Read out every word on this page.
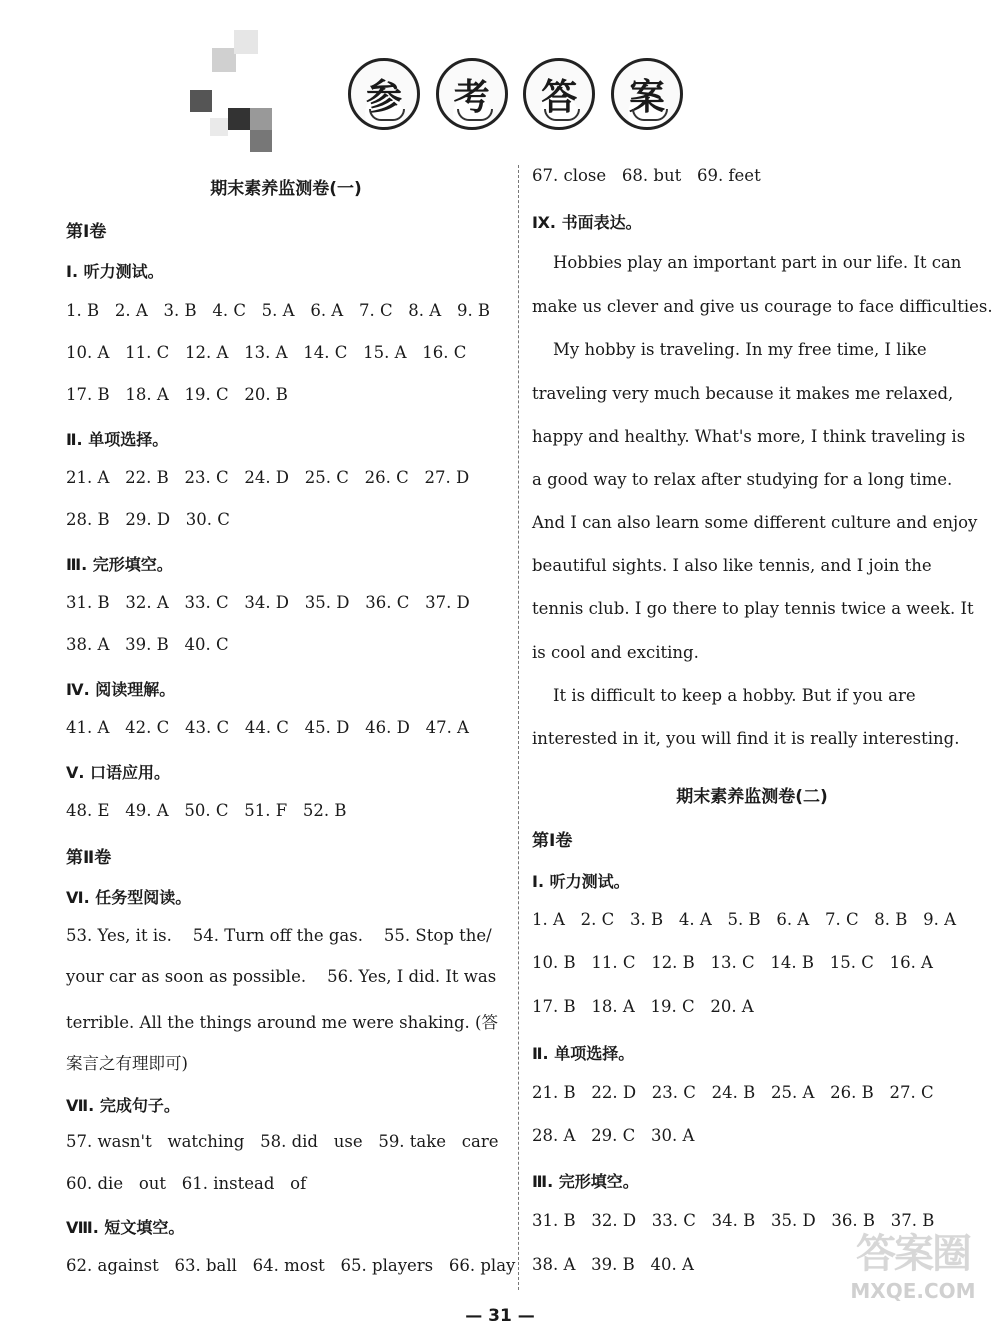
参	考	答	案
期末素养监测卷(一)
第Ⅰ卷
Ⅰ. 听力测试。
1. B   2. A   3. B   4. C   5. A   6. A   7. C   8. A   9. B
10. A   11. C   12. A   13. A   14. C   15. A   16. C
17. B   18. A   19. C   20. B
Ⅱ. 单项选择。
21. A   22. B   23. C   24. D   25. C   26. C   27. D
28. B   29. D   30. C
Ⅲ. 完形填空。
31. B   32. A   33. C   34. D   35. D   36. C   37. D
38. A   39. B   40. C
Ⅳ. 阅读理解。
41. A   42. C   43. C   44. C   45. D   46. D   47. A
Ⅴ. 口语应用。
48. E   49. A   50. C   51. F   52. B
第Ⅱ卷
Ⅵ. 任务型阅读。
53. Yes, it is.    54. Turn off the gas.    55. Stop the/
your car as soon as possible.    56. Yes, I did. It was
terrible. All the things around me were shaking. (答
案言之有理即可)
Ⅶ. 完成句子。
57. wasn't   watching   58. did   use   59. take   care
60. die   out   61. instead   of
Ⅷ. 短文填空。
62. against   63. ball   64. most   65. players   66. play
67. close   68. but   69. feet
Ⅸ. 书面表达。
Hobbies play an important part in our life. It can
make us clever and give us courage to face difficulties.
My hobby is traveling. In my free time, I like
traveling very much because it makes me relaxed,
happy and healthy. What's more, I think traveling is
a good way to relax after studying for a long time.
And I can also learn some different culture and enjoy
beautiful sights. I also like tennis, and I join the
tennis club. I go there to play tennis twice a week. It
is cool and exciting.
It is difficult to keep a hobby. But if you are
interested in it, you will find it is really interesting.
期末素养监测卷(二)
第Ⅰ卷
Ⅰ. 听力测试。
1. A   2. C   3. B   4. A   5. B   6. A   7. C   8. B   9. A
10. B   11. C   12. B   13. C   14. B   15. C   16. A
17. B   18. A   19. C   20. A
Ⅱ. 单项选择。
21. B   22. D   23. C   24. B   25. A   26. B   27. C
28. A   29. C   30. A
Ⅲ. 完形填空。
31. B   32. D   33. C   34. B   35. D   36. B   37. B
38. A   39. B   40. A
— 31 —
答案圈
MXQE.COM
